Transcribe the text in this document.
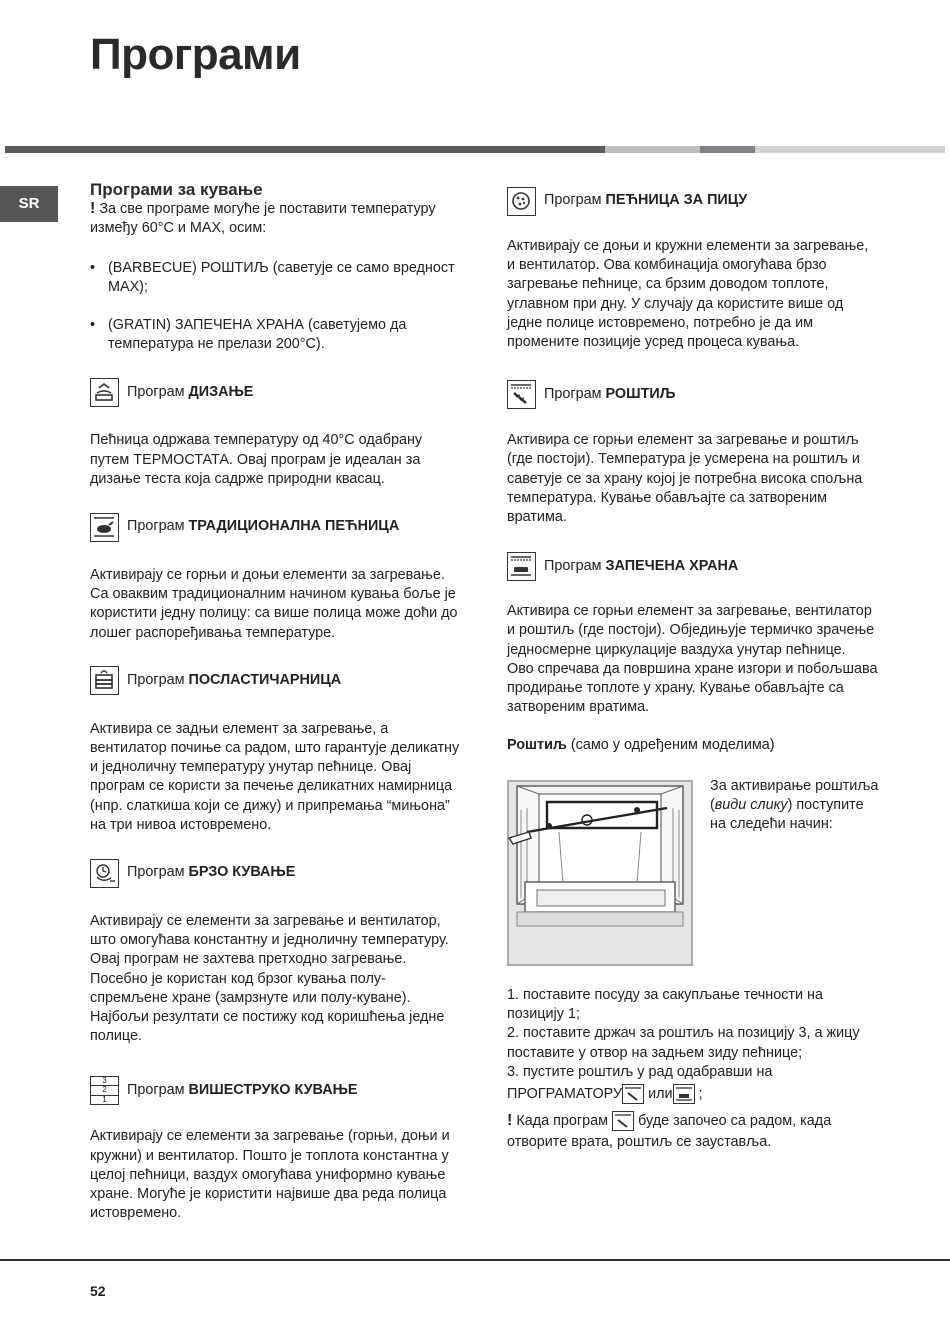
Програми
SR

Програми за кување

! За све програме могуће је поставити температуру између 60°C и MAX, осим:

• (BARBECUE) РОШТИЉ (саветује се само вредност MAX);
• (GRATIN) ЗАПЕЧЕНА ХРАНА (саветујемо да температура не прелази 200°C).
Програм
ДИЗАЊЕ

Пећница одржава температуру од 40°C одабрану путем ТЕРМОСТАТА. Овај програм је идеалан за дизање теста која садрже природни квасац.

Програм
ТРАДИЦИОНАЛНА ПЕЋНИЦА

Активирају се горњи и доњи елементи за загревање. Са оваквим традиционалним начином кувања боље је користити једну полицу: са више полица може доћи до лошег распоређивања температуре.

Програм
ПОСЛАСТИЧАРНИЦА

Активира се задњи елемент за загревање, а вентилатор почиње са радом, што гарантује деликатну и једноличну температуру унутар пећнице. Овај програм се користи за печење деликатних намирница (нпр. слаткиша који се дижу) и припремања “мињона” на три нивоа истовремено.

Програм
БРЗО КУВАЊЕ

Активирају се елементи за загревање и вентилатор, што омогућава константну и једноличну температуру. Овај програм не захтева претходно загревање. Посебно је користан код брзог кувања полу-спремљене хране (замрзнуте или полу-куване). Најбољи резултати се постижу код коришћења једне полице.

3
2
1
Програм
ВИШЕСТРУКО КУВАЊЕ

Активирају се елементи за загревање (горњи, доњи и кружни) и вентилатор. Пошто је топлота константна у целој пећници, ваздух омогућава униформно кување хране. Могуће је користити највише два реда полица истовремено.

Програм
ПЕЋНИЦА ЗА ПИЦУ

Активирају се доњи и кружни елементи за загревање, и вентилатор. Ова комбинација омогућава брзо загревање пећнице, са брзим доводом топлоте, углавном при дну. У случају да користите више од једне полице истовремено, потребно је да им промените позиције усред процеса кувања.

Програм
РОШТИЉ

Активира се горњи елемент за загревање и роштиљ (где постоји). Температура је усмерена на роштиљ и саветује се за храну којој је потребна висока спољна температура. Кување обављајте са затвореним вратима.

Програм
ЗАПЕЧЕНА ХРАНА

Активира се горњи елемент за загревање, вентилатор и роштиљ (где постоји). Обједињује термичко зрачење једносмерне циркулације ваздуха унутар пећнице.

Ово спречава да површина хране изгори и побољшава продирање топлоте у храну. Кување обављајте са затвореним вратима.

Роштиљ (само у одређеним моделима)

За активирање роштиља (види слику) поступите на следећи начин:

1. поставите посуду за сакупљање течности на позицију 1;

2. поставите држач за роштиљ на позицију 3, а жицу поставите у отвор на задњем зиду пећнице;

3. пустите роштиљ у рад одабравши на

ПРОГРАМАТОРУ или ;

! Када програм буде започео са радом, када отворите врата, роштиљ се зауставља.

52
